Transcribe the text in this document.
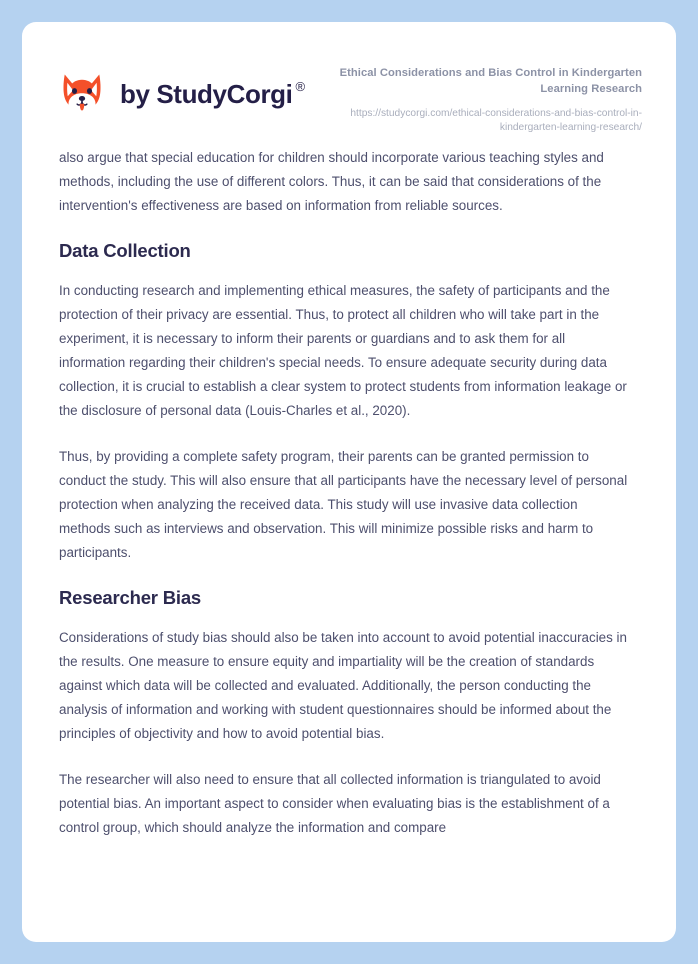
by StudyCorgi ®
Ethical Considerations and Bias Control in Kindergarten Learning Research
https://studycorgi.com/ethical-considerations-and-bias-control-in-kindergarten-learning-research/

also argue that special education for children should incorporate various teaching styles and methods, including the use of different colors. Thus, it can be said that considerations of the intervention's effectiveness are based on information from reliable sources.

Data Collection

In conducting research and implementing ethical measures, the safety of participants and the protection of their privacy are essential. Thus, to protect all children who will take part in the experiment, it is necessary to inform their parents or guardians and to ask them for all information regarding their children's special needs. To ensure adequate security during data collection, it is crucial to establish a clear system to protect students from information leakage or the disclosure of personal data (Louis-Charles et al., 2020).

Thus, by providing a complete safety program, their parents can be granted permission to conduct the study. This will also ensure that all participants have the necessary level of personal protection when analyzing the received data. This study will use invasive data collection methods such as interviews and observation. This will minimize possible risks and harm to participants.

Researcher Bias

Considerations of study bias should also be taken into account to avoid potential inaccuracies in the results. One measure to ensure equity and impartiality will be the creation of standards against which data will be collected and evaluated. Additionally, the person conducting the analysis of information and working with student questionnaires should be informed about the principles of objectivity and how to avoid potential bias.

The researcher will also need to ensure that all collected information is triangulated to avoid potential bias. An important aspect to consider when evaluating bias is the establishment of a control group, which should analyze the information and compare
